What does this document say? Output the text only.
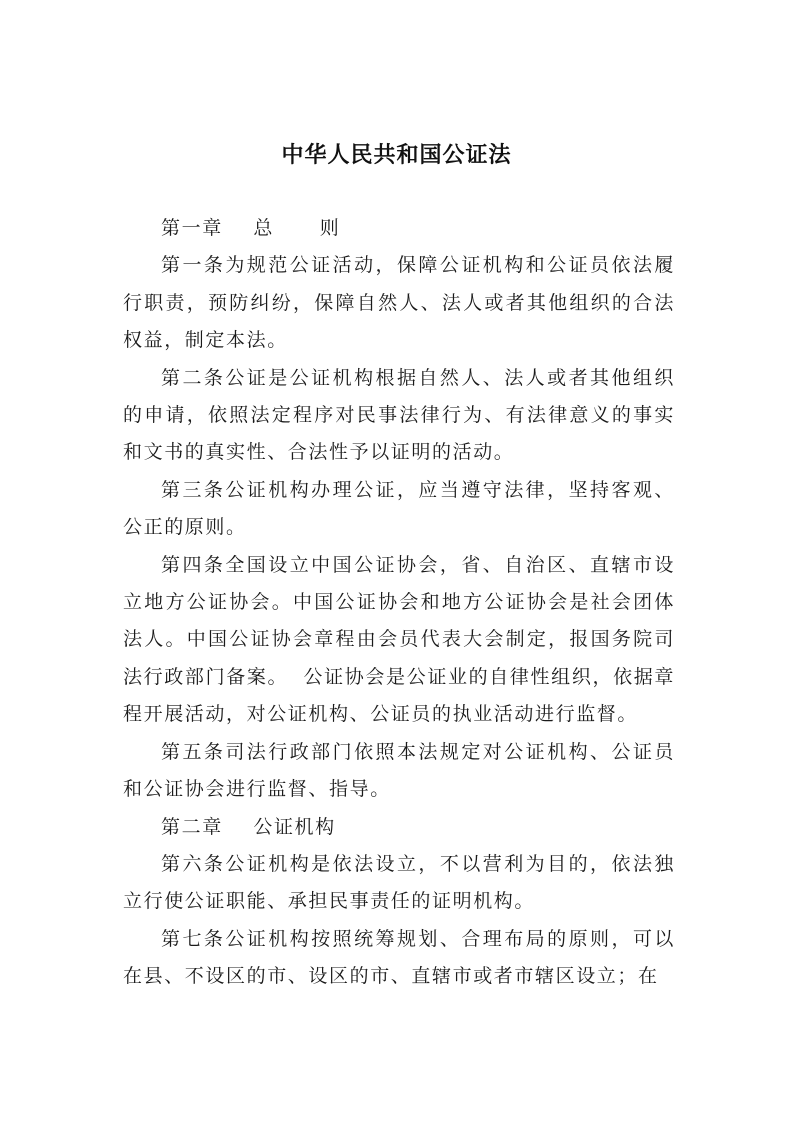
中华人民共和国公证法

第一章    总      则

第一条为规范公证活动，保障公证机构和公证员依法履行职责，预防纠纷，保障自然人、法人或者其他组织的合法权益，制定本法。

第二条公证是公证机构根据自然人、法人或者其他组织的申请，依照法定程序对民事法律行为、有法律意义的事实和文书的真实性、合法性予以证明的活动。

第三条公证机构办理公证，应当遵守法律，坚持客观、公正的原则。

第四条全国设立中国公证协会，省、自治区、直辖市设立地方公证协会。中国公证协会和地方公证协会是社会团体法人。中国公证协会章程由会员代表大会制定，报国务院司法行政部门备案。  公证协会是公证业的自律性组织，依据章程开展活动，对公证机构、公证员的执业活动进行监督。

第五条司法行政部门依照本法规定对公证机构、公证员和公证协会进行监督、指导。

第二章    公证机构

第六条公证机构是依法设立，不以营利为目的，依法独立行使公证职能、承担民事责任的证明机构。

第七条公证机构按照统筹规划、合理布局的原则，可以在县、不设区的市、设区的市、直辖市或者市辖区设立；在
